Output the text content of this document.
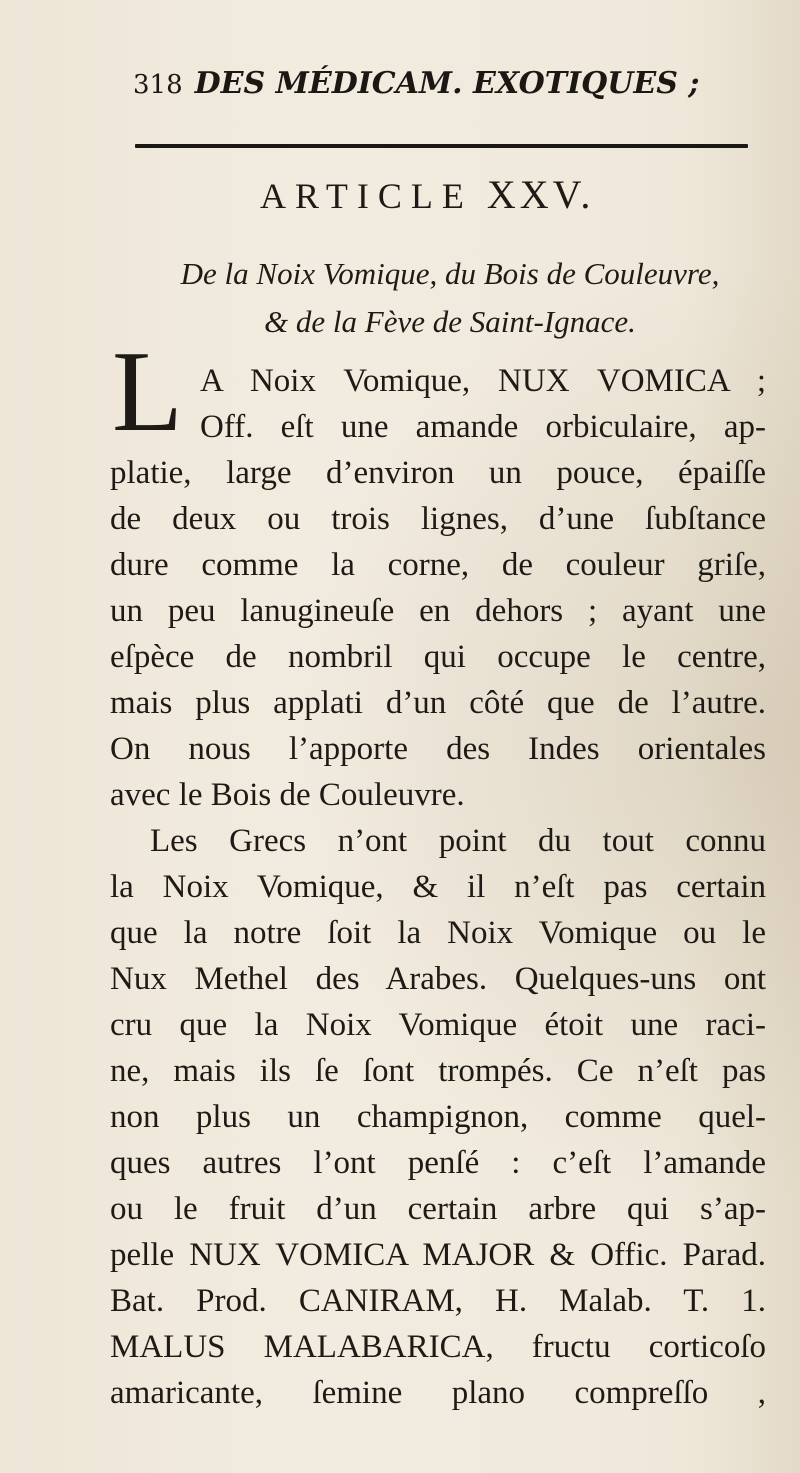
318 DES MÉDICAM. EXOTIQUES ;
ARTICLE XXV.
De la Noix Vomique, du Bois de Couleuvre,
& de la Fève de Saint-Ignace.
L A Noix Vomique, NUX VOMICA ;
Off. eſt une amande orbiculaire, ap-
platie, large d’environ un pouce, épaiſſe
de deux ou trois lignes, d’une ſubſtance
dure comme la corne, de couleur griſe,
un peu lanugineuſe en dehors ; ayant une
eſpèce de nombril qui occupe le centre,
mais plus applati d’un côté que de l’autre.
On nous l’apporte des Indes orientales
avec le Bois de Couleuvre.
Les Grecs n’ont point du tout connu
la Noix Vomique, & il n’eſt pas certain
que la notre ſoit la Noix Vomique ou le
Nux Methel des Arabes. Quelques-uns ont
cru que la Noix Vomique étoit une raci-
ne, mais ils ſe ſont trompés. Ce n’eſt pas
non plus un champignon, comme quel-
ques autres l’ont penſé : c’eſt l’amande
ou le fruit d’un certain arbre qui s’ap-
pelle NUX VOMICA MAJOR & Offic. Parad.
Bat. Prod. CANIRAM, H. Malab. T. 1.
MALUS MALABARICA, fructu corticoſo
amaricante, ſemine plano compreſſo ,
